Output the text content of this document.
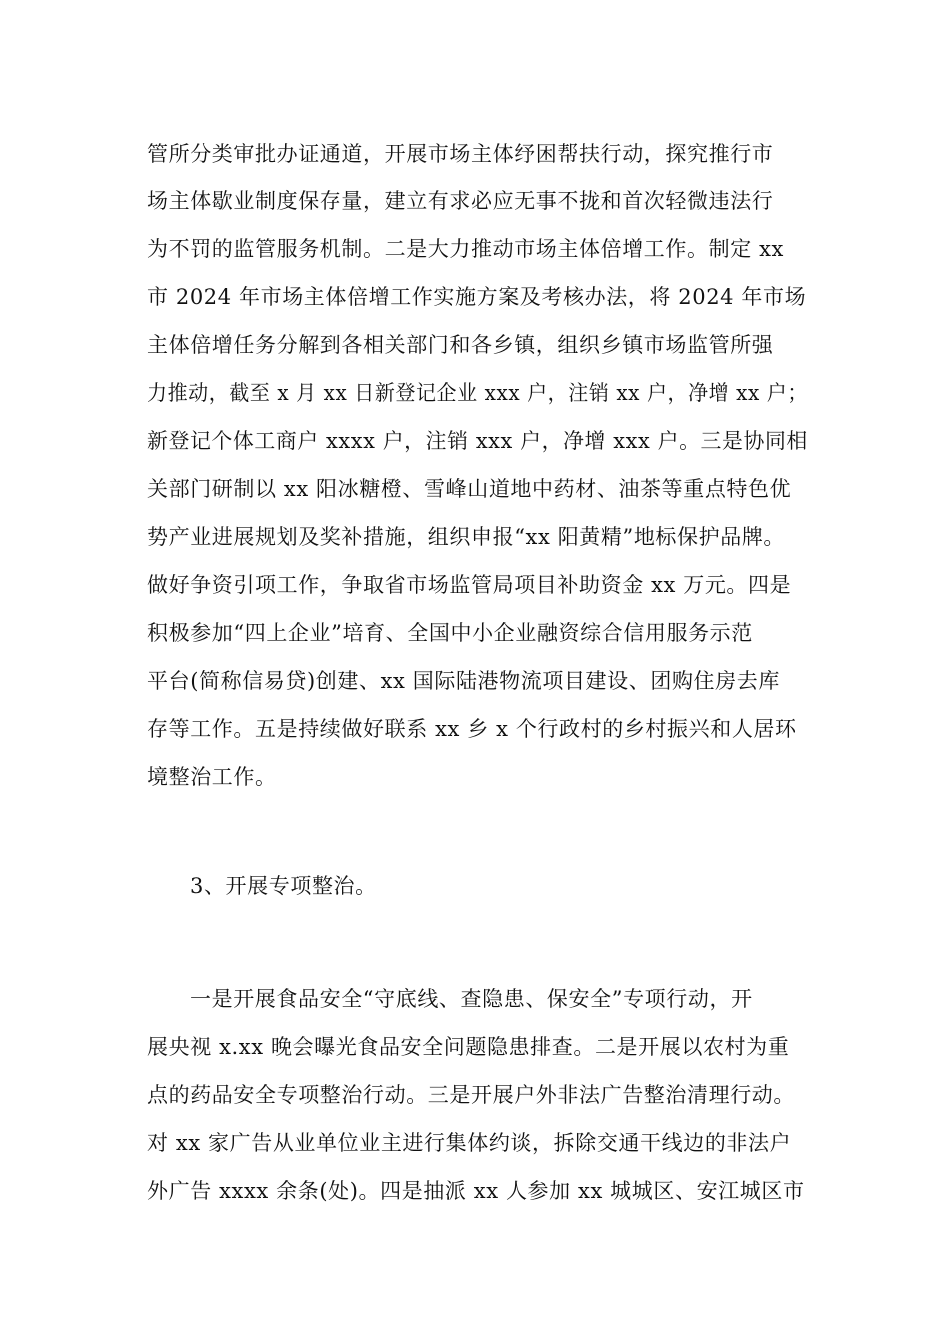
管所分类审批办证通道，开展市场主体纾困帮扶行动，探究推行市
场主体歇业制度保存量，建立有求必应无事不拢和首次轻微违法行
为不罚的监管服务机制。二是大力推动市场主体倍增工作。制定 xx
市 2024 年市场主体倍增工作实施方案及考核办法，将 2024 年市场
主体倍增任务分解到各相关部门和各乡镇，组织乡镇市场监管所强
力推动，截至 x 月 xx 日新登记企业 xxx 户，注销 xx 户，净增 xx 户；
新登记个体工商户 xxxx 户，注销 xxx 户，净增 xxx 户。三是协同相
关部门研制以 xx 阳冰糖橙、雪峰山道地中药材、油茶等重点特色优
势产业进展规划及奖补措施，组织申报“xx 阳黄精”地标保护品牌。
做好争资引项工作，争取省市场监管局项目补助资金 xx 万元。四是
积极参加“四上企业”培育、全国中小企业融资综合信用服务示范
平台(简称信易贷)创建、xx 国际陆港物流项目建设、团购住房去库
存等工作。五是持续做好联系 xx 乡 x 个行政村的乡村振兴和人居环
境整治工作。
3、开展专项整治。
一是开展食品安全“守底线、查隐患、保安全”专项行动，开
展央视 x.xx 晚会曝光食品安全问题隐患排查。二是开展以农村为重
点的药品安全专项整治行动。三是开展户外非法广告整治清理行动。
对 xx 家广告从业单位业主进行集体约谈，拆除交通干线边的非法户
外广告 xxxx 余条(处)。四是抽派 xx 人参加 xx 城城区、安江城区市
